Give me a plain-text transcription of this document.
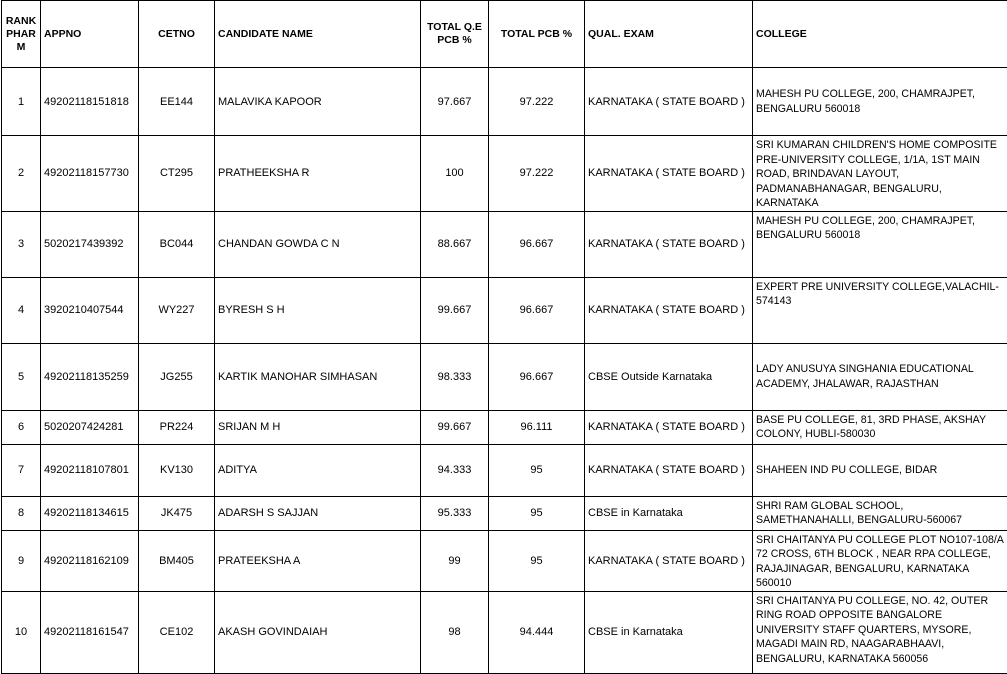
RANK PHAR M	APPNO	CETNO	CANDIDATE NAME	TOTAL Q.E PCB %	TOTAL PCB %	QUAL. EXAM	COLLEGE
1	49202118151818	EE144	MALAVIKA KAPOOR	97.667	97.222	KARNATAKA ( STATE BOARD )	MAHESH PU COLLEGE, 200, CHAMRAJPET, BENGALURU 560018
2	49202118157730	CT295	PRATHEEKSHA R	100	97.222	KARNATAKA ( STATE BOARD )	SRI KUMARAN CHILDREN'S HOME COMPOSITE PRE-UNIVERSITY COLLEGE, 1/1A, 1ST MAIN ROAD, BRINDAVAN LAYOUT, PADMANABHANAGAR, BENGALURU, KARNATAKA
3	5020217439392	BC044	CHANDAN GOWDA C N	88.667	96.667	KARNATAKA ( STATE BOARD )	MAHESH PU COLLEGE, 200, CHAMRAJPET, BENGALURU 560018
4	3920210407544	WY227	BYRESH S H	99.667	96.667	KARNATAKA ( STATE BOARD )	EXPERT PRE UNIVERSITY COLLEGE,VALACHIL-574143
5	49202118135259	JG255	KARTIK MANOHAR SIMHASAN	98.333	96.667	CBSE Outside Karnataka	LADY ANUSUYA SINGHANIA EDUCATIONAL ACADEMY, JHALAWAR, RAJASTHAN
6	5020207424281	PR224	SRIJAN M H	99.667	96.111	KARNATAKA ( STATE BOARD )	BASE PU COLLEGE, 81, 3RD PHASE, AKSHAY COLONY, HUBLI-580030
7	49202118107801	KV130	ADITYA	94.333	95	KARNATAKA ( STATE BOARD )	SHAHEEN IND PU COLLEGE, BIDAR
8	49202118134615	JK475	ADARSH S SAJJAN	95.333	95	CBSE in Karnataka	SHRI RAM GLOBAL SCHOOL, SAMETHANAHALLI, BENGALURU-560067
9	49202118162109	BM405	PRATEEKSHA A	99	95	KARNATAKA ( STATE BOARD )	SRI CHAITANYA PU COLLEGE PLOT NO107-108/A 72 CROSS, 6TH BLOCK , NEAR RPA COLLEGE, RAJAJINAGAR, BENGALURU, KARNATAKA 560010
10	49202118161547	CE102	AKASH GOVINDAIAH	98	94.444	CBSE in Karnataka	SRI CHAITANYA PU COLLEGE, NO. 42, OUTER RING ROAD OPPOSITE BANGALORE UNIVERSITY STAFF QUARTERS, MYSORE, MAGADI MAIN RD, NAAGARABHAAVI, BENGALURU, KARNATAKA 560056
